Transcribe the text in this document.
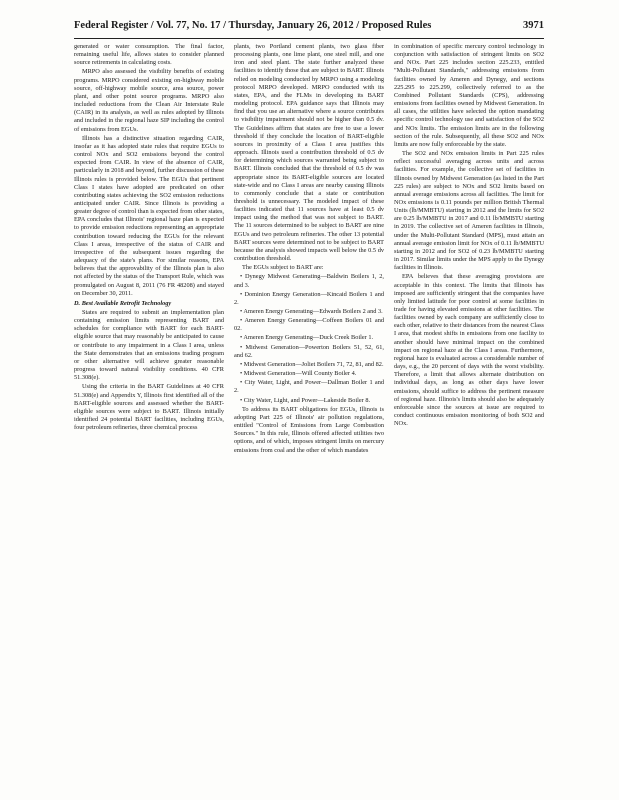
Federal Register / Vol. 77, No. 17 / Thursday, January 26, 2012 / Proposed Rules	3971

generated or water consumption. The final factor, remaining useful life, allows states to consider planned source retirements in calculating costs.

MRPO also assessed the visibility benefits of existing programs. MRPO considered existing on-highway mobile source, off-highway mobile source, area source, power plant, and other point source programs. MRPO also included reductions from the Clean Air Interstate Rule (CAIR) in its analysis, as well as rules adopted by Illinois and included in the regional haze SIP including the control of emissions from EGUs.

Illinois has a distinctive situation regarding CAIR, insofar as it has adopted state rules that require EGUs to control NOx and SO2 emissions beyond the control expected from CAIR. In view of the absence of CAIR, particularly in 2018 and beyond, further discussion of these Illinois rules is provided below. The EGUs that pertinent Class I states have adopted are predicated on other contributing states achieving the SO2 emission reductions anticipated under CAIR. Since Illinois is providing a greater degree of control than is expected from other states, EPA concludes that Illinois' regional haze plan is expected to provide emission reductions representing an appropriate contribution toward reducing the EGUs for the relevant Class I areas, irrespective of the status of CAIR and irrespective of the subsequent issues regarding the adequacy of the state's plans. For similar reasons, EPA believes that the approvability of the Illinois plan is also not affected by the status of the Transport Rule, which was promulgated on August 8, 2011 (76 FR 48208) and stayed on December 30, 2011.

D. Best Available Retrofit Technology

States are required to submit an implementation plan containing emission limits representing BART and schedules for compliance with BART for each BART-eligible source that may reasonably be anticipated to cause or contribute to any impairment in a Class I area, unless the State demonstrates that an emissions trading program or other alternative will achieve greater reasonable progress toward natural visibility conditions. 40 CFR 51.308(e).

Using the criteria in the BART Guidelines at 40 CFR 51.308(e) and Appendix Y, Illinois first identified all of the BART-eligible sources and assessed whether the BART-eligible sources were subject to BART. Illinois initially identified 24 potential BART facilities, including EGUs, four petroleum refineries, three chemical process

plants, two Portland cement plants, two glass fiber processing plants, one lime plant, one steel mill, and one iron and steel plant. The state further analyzed these facilities to identify those that are subject to BART. Illinois relied on modeling conducted by MRPO using a modeling protocol MRPO developed. MRPO conducted with its states, EPA, and the FLMs in developing its BART modeling protocol. EPA guidance says that Illinois may find that you use an alternative where a source contributes to visibility impairment should not be higher than 0.5 dv. The Guidelines affirm that states are free to use a lower threshold if they conclude the location of BART-eligible sources in proximity of a Class I area justifies this approach. Illinois used a contribution threshold of 0.5 dv for determining which sources warranted being subject to BART. Illinois concluded that the threshold of 0.5 dv was appropriate since its BART-eligible sources are located state-wide and no Class I areas are nearby causing Illinois to commonly conclude that a state or contribution threshold is unnecessary. The modeled impact of these facilities indicated that 11 sources have at least 0.5 dv impact using the method that was not subject to BART. The 11 sources determined to be subject to BART are nine EGUs and two petroleum refineries. The other 13 potential BART sources were determined not to be subject to BART because the analysis showed impacts well below the 0.5 dv contribution threshold.

The EGUs subject to BART are:

• Dynegy Midwest Generating—Baldwin Boilers 1, 2, and 3.

• Dominion Energy Generation—Kincaid Boilers 1 and 2.

• Ameren Energy Generating—Edwards Boilers 2 and 3.

• Ameren Energy Generating—Coffeen Boilers 01 and 02.

• Ameren Energy Generating—Duck Creek Boiler 1.

• Midwest Generation—Powerton Boilers 51, 52, 61, and 62.

• Midwest Generation—Joliet Boilers 71, 72, 81, and 82.

• Midwest Generation—Will County Boiler 4.

• City Water, Light, and Power—Dallman Boiler 1 and 2.

• City Water, Light, and Power—Lakeside Boiler 8.

To address its BART obligations for EGUs, Illinois is adopting Part 225 of Illinois' air pollution regulations, entitled "Control of Emissions from Large Combustion Sources." In this rule, Illinois offered affected utilities two options, and of which, imposes stringent limits on mercury emissions from coal and the other of which mandates

in combination of specific mercury control technology in conjunction with satisfaction of stringent limits on SO2 and NOx. Part 225 includes section 225.233, entitled "Multi-Pollutant Standards," addressing emissions from facilities owned by Ameren and Dynegy, and sections 225.295 to 225.299, collectively referred to as the Combined Pollutant Standards (CPS), addressing emissions from facilities owned by Midwest Generation. In all cases, the utilities have selected the option mandating specific control technology use and satisfaction of the SO2 and NOx limits. The emission limits are in the following section of the rule. Subsequently, all these SO2 and NOx limits are now fully enforceable by the state.

The SO2 and NOx emission limits in Part 225 rules reflect successful averaging across units and across facilities. For example, the collective set of facilities in Illinois owned by Midwest Generation (as listed in the Part 225 rules) are subject to NOx and SO2 limits based on annual average emissions across all facilities. The limit for NOx emissions is 0.11 pounds per million British Thermal Units (lb/MMBTU) starting in 2012 and the limits for SO2 are 0.25 lb/MMBTU in 2017 and 0.11 lb/MMBTU starting in 2019. The collective set of Ameren facilities in Illinois, under the Multi-Pollutant Standard (MPS), must attain an annual average emission limit for NOx of 0.11 lb/MMBTU starting in 2012 and for SO2 of 0.23 lb/MMBTU starting in 2017. Similar limits under the MPS apply to the Dynegy facilities in Illinois.

EPA believes that these averaging provisions are acceptable in this context. The limits that Illinois has imposed are sufficiently stringent that the companies have only limited latitude for poor control at some facilities in trade for having elevated emissions at other facilities. The facilities owned by each company are sufficiently close to each other, relative to their distances from the nearest Class I area, that modest shifts in emissions from one facility to another should have minimal impact on the combined impact on regional haze at the Class I areas. Furthermore, regional haze is evaluated across a considerable number of days, e.g., the 20 percent of days with the worst visibility. Therefore, a limit that allows alternate distribution on individual days, as long as other days have lower emissions, should suffice to address the pertinent measure of regional haze. Illinois's limits should also be adequately enforceable since the sources at issue are required to conduct continuous emission monitoring of both SO2 and NOx.
